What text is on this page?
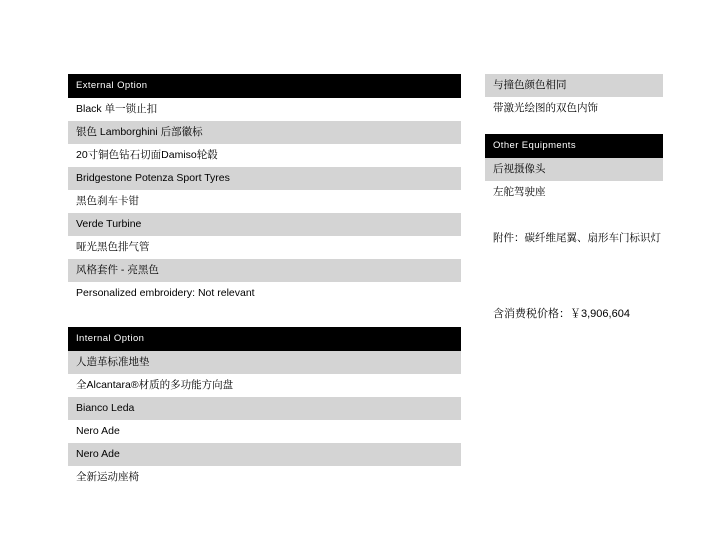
External Option
Black 单一锁止扣
银色 Lamborghini 后部徽标
20寸铜色钻石切面Damiso轮毂
Bridgestone Potenza Sport Tyres
黑色刹车卡钳
Verde Turbine
哑光黑色排气管
风格套件 - 亮黑色
Personalized embroidery: Not relevant
Internal Option
人造革标准地垫
全Alcantara®材质的多功能方向盘
Bianco Leda
Nero Ade
Nero Ade
全新运动座椅
与撞色颜色相同
带激光绘图的双色内饰
Other Equipments
后视摄像头
左舵驾驶座
附件：碳纤维尾翼、扇形车门标识灯
含消费税价格：￥3,906,604
